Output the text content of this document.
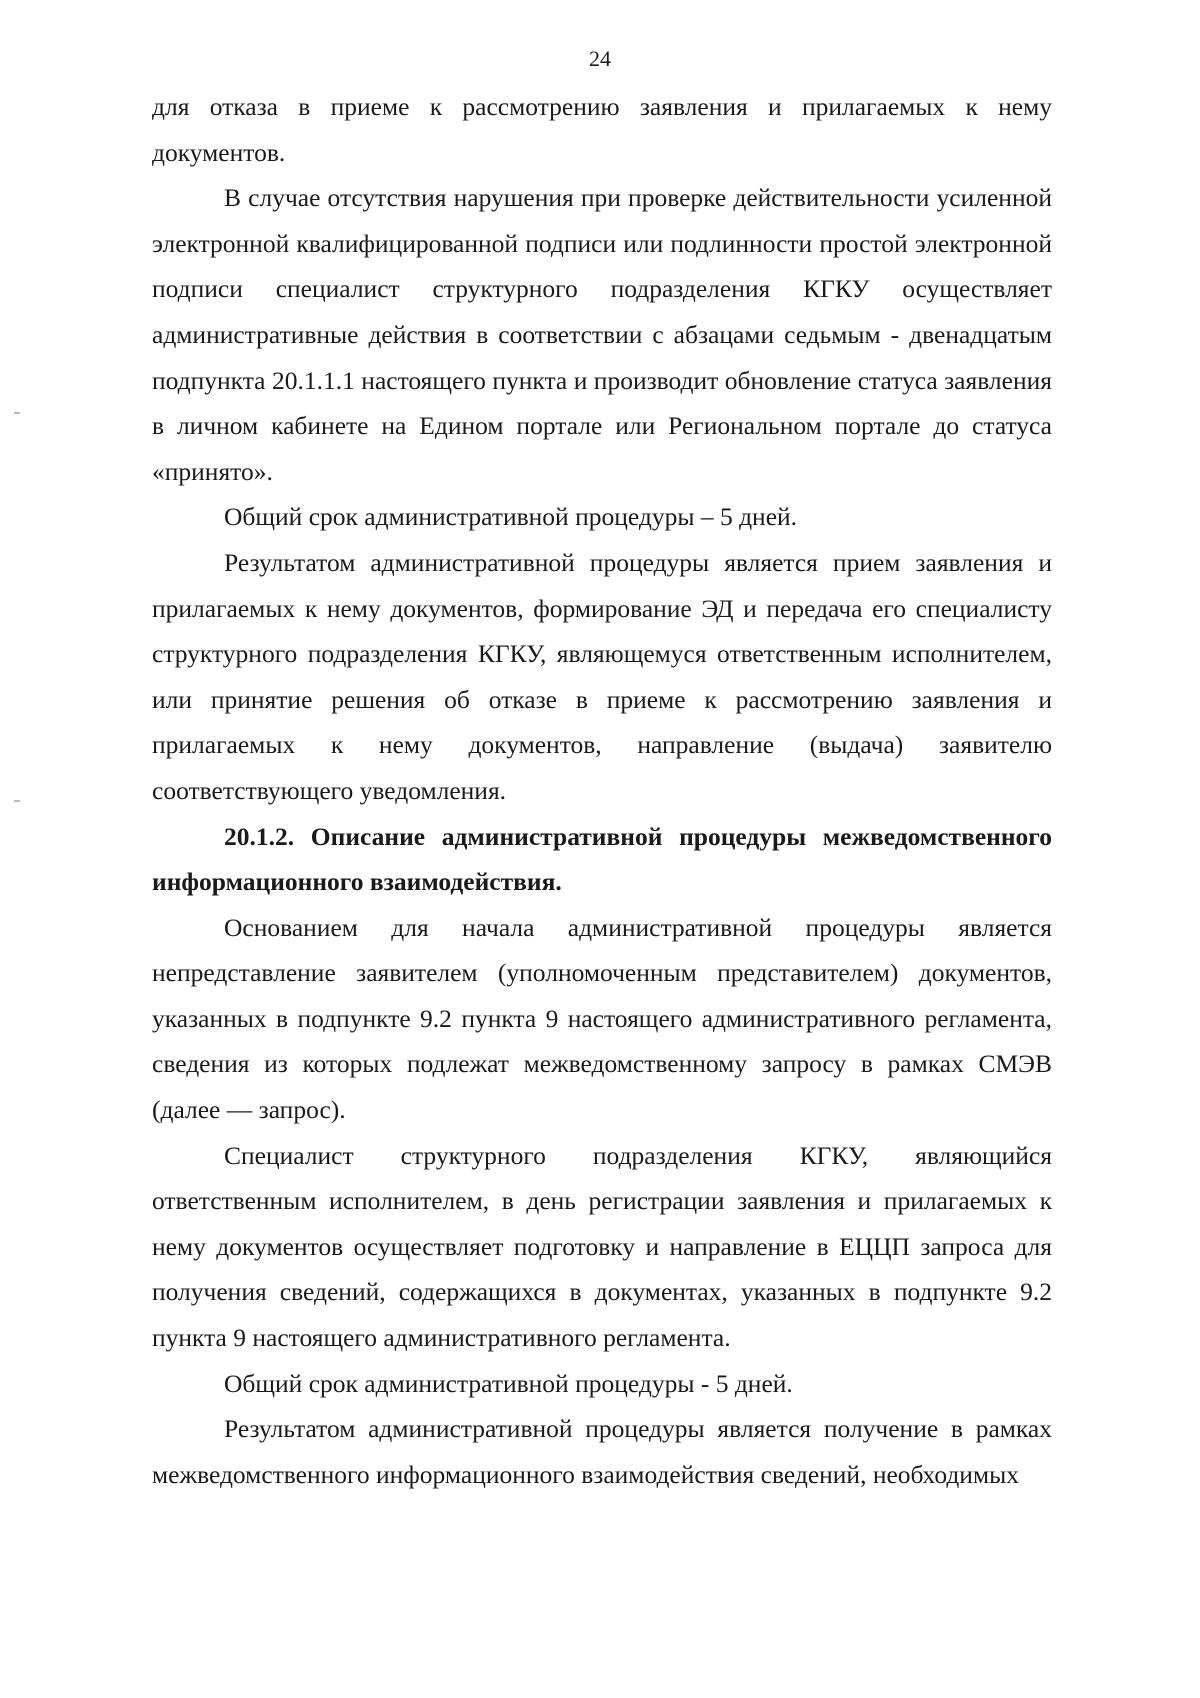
24

для отказа в приеме к рассмотрению заявления и прилагаемых к нему документов.

В случае отсутствия нарушения при проверке действительности усиленной электронной квалифицированной подписи или подлинности простой электронной подписи специалист структурного подразделения КГКУ осуществляет административные действия в соответствии с абзацами седьмым - двенадцатым подпункта 20.1.1.1 настоящего пункта и производит обновление статуса заявления в личном кабинете на Едином портале или Региональном портале до статуса «принято».

Общий срок административной процедуры – 5 дней.

Результатом административной процедуры является прием заявления и прилагаемых к нему документов, формирование ЭД и передача его специалисту структурного подразделения КГКУ, являющемуся ответственным исполнителем, или принятие решения об отказе в приеме к рассмотрению заявления и прилагаемых к нему документов, направление (выдача) заявителю соответствующего уведомления.

20.1.2. Описание административной процедуры межведомственного информационного взаимодействия.

Основанием для начала административной процедуры является непредставление заявителем (уполномоченным представителем) документов, указанных в подпункте 9.2 пункта 9 настоящего административного регламента, сведения из которых подлежат межведомственному запросу в рамках СМЭВ (далее — запрос).

Специалист структурного подразделения КГКУ, являющийся ответственным исполнителем, в день регистрации заявления и прилагаемых к нему документов осуществляет подготовку и направление в ЕЦЦП запроса для получения сведений, содержащихся в документах, указанных в подпункте 9.2 пункта 9 настоящего административного регламента.

Общий срок административной процедуры - 5 дней.

Результатом административной процедуры является получение в рамках межведомственного информационного взаимодействия сведений, необходимых
